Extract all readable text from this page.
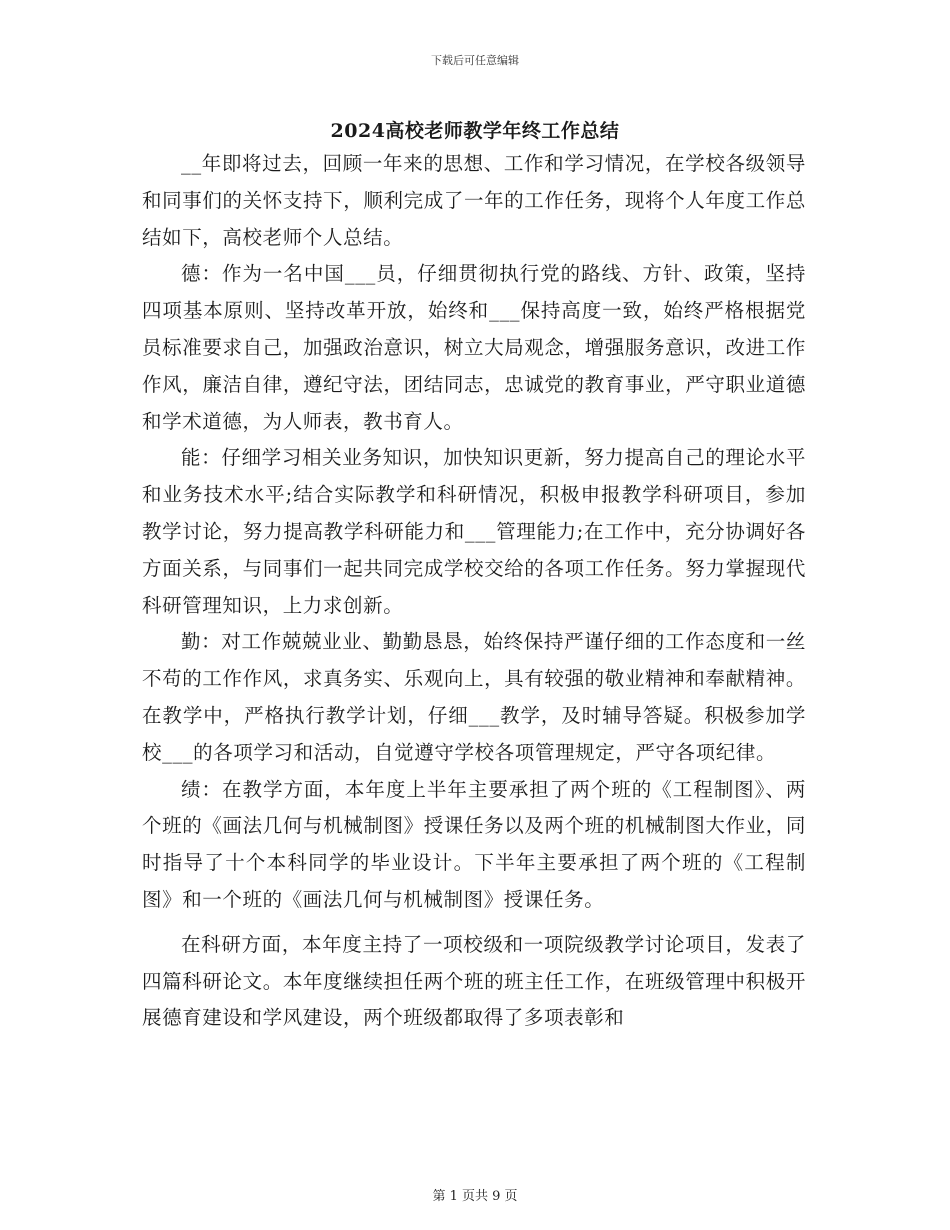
下载后可任意编辑
2024高校老师教学年终工作总结

__年即将过去，回顾一年来的思想、工作和学习情况，在学校各级领导和同事们的关怀支持下，顺利完成了一年的工作任务，现将个人年度工作总结如下，高校老师个人总结。

德：作为一名中国___员，仔细贯彻执行党的路线、方针、政策，坚持四项基本原则、坚持改革开放，始终和___保持高度一致，始终严格根据党员标准要求自己，加强政治意识，树立大局观念，增强服务意识，改进工作作风，廉洁自律，遵纪守法，团结同志，忠诚党的教育事业，严守职业道德和学术道德，为人师表，教书育人。

能：仔细学习相关业务知识，加快知识更新，努力提高自己的理论水平和业务技术水平;结合实际教学和科研情况，积极申报教学科研项目，参加教学讨论，努力提高教学科研能力和___管理能力;在工作中，充分协调好各方面关系，与同事们一起共同完成学校交给的各项工作任务。努力掌握现代科研管理知识，上力求创新。

勤：对工作兢兢业业、勤勤恳恳，始终保持严谨仔细的工作态度和一丝不苟的工作作风，求真务实、乐观向上，具有较强的敬业精神和奉献精神。在教学中，严格执行教学计划，仔细___教学，及时辅导答疑。积极参加学校___的各项学习和活动，自觉遵守学校各项管理规定，严守各项纪律。

绩：在教学方面，本年度上半年主要承担了两个班的《工程制图》、两个班的《画法几何与机械制图》授课任务以及两个班的机械制图大作业，同时指导了十个本科同学的毕业设计。下半年主要承担了两个班的《工程制图》和一个班的《画法几何与机械制图》授课任务。

在科研方面，本年度主持了一项校级和一项院级教学讨论项目，发表了四篇科研论文。本年度继续担任两个班的班主任工作，在班级管理中积极开展德育建设和学风建设，两个班级都取得了多项表彰和

第 1 页共 9 页
